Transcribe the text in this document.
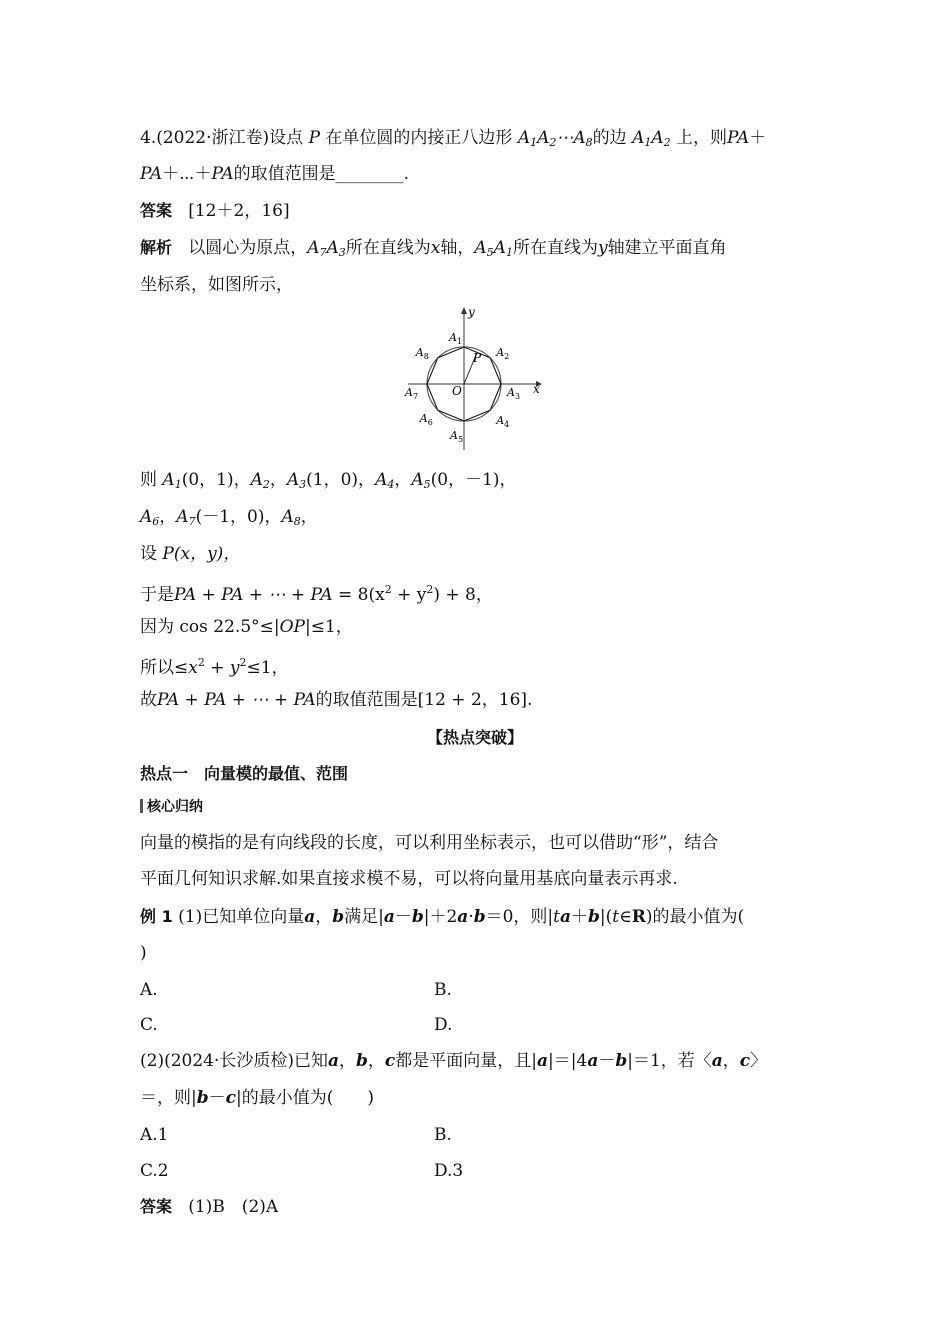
4.(2022·浙江卷)设点 P 在单位圆的内接正八边形 $A_1A_2\cdots A_8$的边 $A_1A_2$ 上，则PA＋
PA＋⋯＋PA的取值范围是________.
答案 [12＋2，16]
解析 以圆心为原点，$A_7A_3$所在直线为x轴，$A_5A_1$所在直线为y轴建立平面直角
坐标系，如图所示，
y
x
O
P
$A_1$
$A_2$
$A_3$
$A_4$
$A_5$
$A_6$
$A_7$
$A_8$
则 $A_1(0$，1)，$A_2$，$A_3(1$，0)，$A_4$，$A_5(0$，－1)，
$A_6$，$A_7(-1$，0)，$A_8$，
设 P(x，y)，
于是PA + PA + ⋯ + PA = $8(x^2 + y^2) + 8$，
因为 cos 22.5°≤|OP|≤1，
所以$\le x^2 + y^2\le 1$，
故PA + PA + ⋯ + PA的取值范围是[12 + 2，16].
【热点突破】
热点一　向量模的最值、范围
核心归纳
向量的模指的是有向线段的长度，可以利用坐标表示，也可以借助“形”，结合
平面几何知识求解.如果直接求模不易，可以将向量用基底向量表示再求.
例 1 (1)已知单位向量a，b满足|a－b|＋2a·b＝0，则|ta＋b|(t∈R)的最小值为(
)
A.	B.
C.	D.
(2)(2024·长沙质检)已知a，b，c都是平面向量，且|a|＝|4a－b|＝1，若〈a，c〉
＝，则|b－c|的最小值为(　　)
A.1	B.
C.2	D.3
答案 (1)B　(2)A
